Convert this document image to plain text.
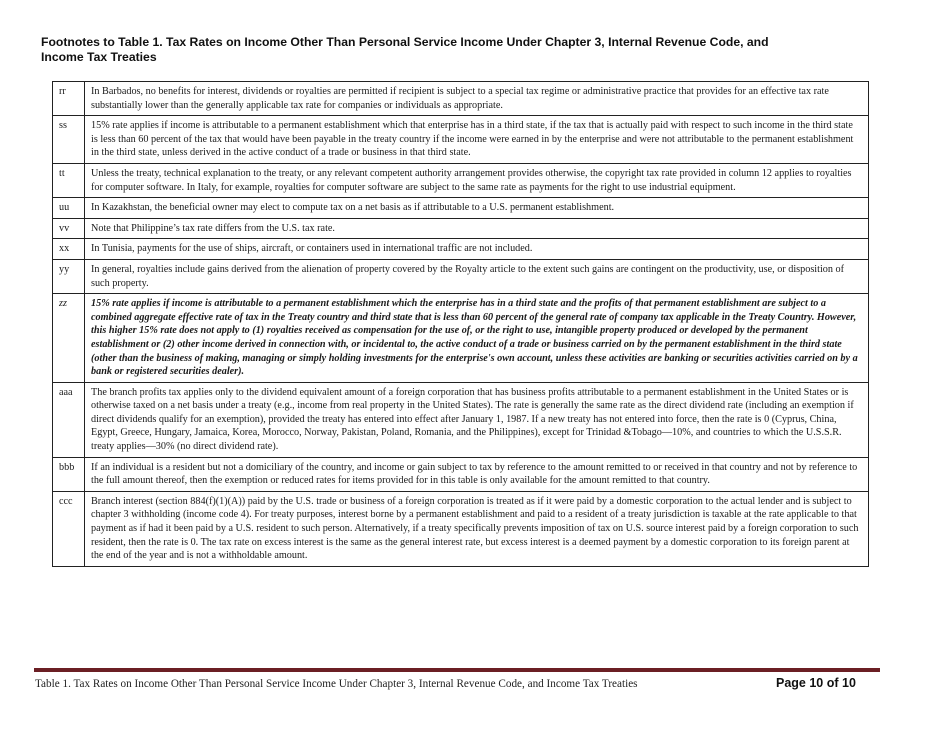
Footnotes to Table 1. Tax Rates on Income Other Than Personal Service Income Under Chapter 3, Internal Revenue Code, and Income Tax Treaties
rr	In Barbados, no benefits for interest, dividends or royalties are permitted if recipient is subject to a special tax regime or administrative practice that provides for an effective tax rate substantially lower than the generally applicable tax rate for companies or individuals as appropriate.
ss	15% rate applies if income is attributable to a permanent establishment which that enterprise has in a third state, if the tax that is actually paid with respect to such income in the third state is less than 60 percent of the tax that would have been payable in the treaty country if the income were earned in by the enterprise and were not attributable to the permanent establishment in the third state, unless derived in the active conduct of a trade or business in that third state.
tt	Unless the treaty, technical explanation to the treaty, or any relevant competent authority arrangement provides otherwise, the copyright tax rate provided in column 12 applies to royalties for computer software. In Italy, for example, royalties for computer software are subject to the same rate as payments for the right to use industrial equipment.
uu	In Kazakhstan, the beneficial owner may elect to compute tax on a net basis as if attributable to a U.S. permanent establishment.
vv	Note that Philippine’s tax rate differs from the U.S. tax rate.
xx	In Tunisia, payments for the use of ships, aircraft, or containers used in international traffic are not included.
yy	In general, royalties include gains derived from the alienation of property covered by the Royalty article to the extent such gains are contingent on the productivity, use, or disposition of such property.
zz	15% rate applies if income is attributable to a permanent establishment which the enterprise has in a third state and the profits of that permanent establishment are subject to a combined aggregate effective rate of tax in the Treaty country and third state that is less than 60 percent of the general rate of company tax applicable in the Treaty Country. However, this higher 15% rate does not apply to (1) royalties received as compensation for the use of, or the right to use, intangible property produced or developed by the permanent establishment or (2) other income derived in connection with, or incidental to, the active conduct of a trade or business carried on by the permanent establishment in the third state (other than the business of making, managing or simply holding investments for the enterprise's own account, unless these activities are banking or securities activities carried on by a bank or registered securities dealer).
aaa	The branch profits tax applies only to the dividend equivalent amount of a foreign corporation that has business profits attributable to a permanent establishment in the United States or is otherwise taxed on a net basis under a treaty (e.g., income from real property in the United States). The rate is generally the same rate as the direct dividend rate (including an exemption if direct dividends qualify for an exemption), provided the treaty has entered into effect after January 1, 1987. If a new treaty has not entered into force, then the rate is 0 (Cyprus, China, Egypt, Greece, Hungary, Jamaica, Korea, Morocco, Norway, Pakistan, Poland, Romania, and the Philippines), except for Trinidad &Tobago—10%, and countries to which the U.S.S.R. treaty applies—30% (no direct dividend rate).
bbb	If an individual is a resident but not a domiciliary of the country, and income or gain subject to tax by reference to the amount remitted to or received in that country and not by reference to the full amount thereof, then the exemption or reduced rates for items provided for in this table is only available for the amount remitted to that country.
ccc	Branch interest (section 884(f)(1)(A)) paid by the U.S. trade or business of a foreign corporation is treated as if it were paid by a domestic corporation to the actual lender and is subject to chapter 3 withholding (income code 4). For treaty purposes, interest borne by a permanent establishment and paid to a resident of a treaty jurisdiction is taxable at the rate applicable to that payment as if had it been paid by a U.S. resident to such person. Alternatively, if a treaty specifically prevents imposition of tax on U.S. source interest paid by a foreign corporation to such resident, then the rate is 0. The tax rate on excess interest is the same as the general interest rate, but excess interest is a deemed payment by a domestic corporation to its foreign parent at the end of the year and is not a withholdable amount.
Table 1. Tax Rates on Income Other Than Personal Service Income Under Chapter 3, Internal Revenue Code, and Income Tax Treaties	Page 10 of 10
